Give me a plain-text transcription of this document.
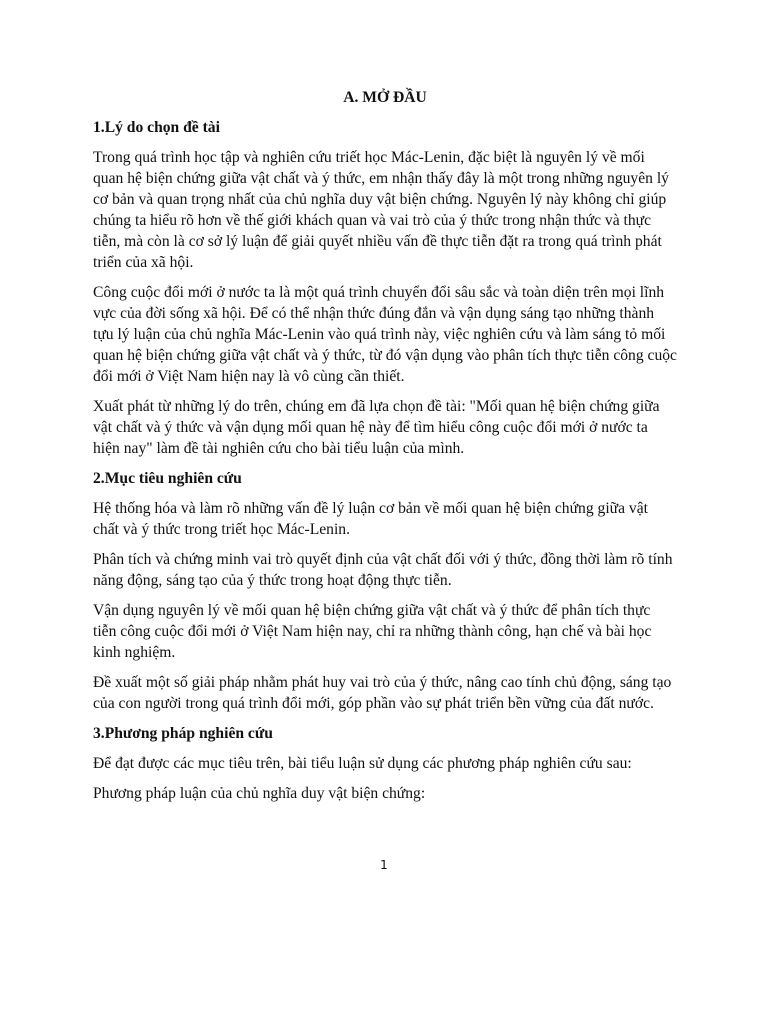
A. MỞ ĐẦU

1.Lý do chọn đề tài

Trong quá trình học tập và nghiên cứu triết học Mác-Lenin, đặc biệt là nguyên lý về mối quan hệ biện chứng giữa vật chất và ý thức, em nhận thấy đây là một trong những nguyên lý cơ bản và quan trọng nhất của chủ nghĩa duy vật biện chứng. Nguyên lý này không chỉ giúp chúng ta hiểu rõ hơn về thế giới khách quan và vai trò của ý thức trong nhận thức và thực tiễn, mà còn là cơ sở lý luận để giải quyết nhiều vấn đề thực tiễn đặt ra trong quá trình phát triển của xã hội.

Công cuộc đổi mới ở nước ta là một quá trình chuyển đổi sâu sắc và toàn diện trên mọi lĩnh vực của đời sống xã hội. Để có thể nhận thức đúng đắn và vận dụng sáng tạo những thành tựu lý luận của chủ nghĩa Mác-Lenin vào quá trình này, việc nghiên cứu và làm sáng tỏ mối quan hệ biện chứng giữa vật chất và ý thức, từ đó vận dụng vào phân tích thực tiễn công cuộc đổi mới ở Việt Nam hiện nay là vô cùng cần thiết.

Xuất phát từ những lý do trên, chúng em đã lựa chọn đề tài: "Mối quan hệ biện chứng giữa vật chất và ý thức và vận dụng mối quan hệ này để tìm hiểu công cuộc đổi mới ở nước ta hiện nay" làm đề tài nghiên cứu cho bài tiểu luận của mình.

2.Mục tiêu nghiên cứu

Hệ thống hóa và làm rõ những vấn đề lý luận cơ bản về mối quan hệ biện chứng giữa vật chất và ý thức trong triết học Mác-Lenin.

Phân tích và chứng minh vai trò quyết định của vật chất đối với ý thức, đồng thời làm rõ tính năng động, sáng tạo của ý thức trong hoạt động thực tiễn.

Vận dụng nguyên lý về mối quan hệ biện chứng giữa vật chất và ý thức để phân tích thực tiễn công cuộc đổi mới ở Việt Nam hiện nay, chỉ ra những thành công, hạn chế và bài học kinh nghiệm.

Đề xuất một số giải pháp nhằm phát huy vai trò của ý thức, nâng cao tính chủ động, sáng tạo của con người trong quá trình đổi mới, góp phần vào sự phát triển bền vững của đất nước.

3.Phương pháp nghiên cứu

Để đạt được các mục tiêu trên, bài tiểu luận sử dụng các phương pháp nghiên cứu sau:

Phương pháp luận của chủ nghĩa duy vật biện chứng:

1
